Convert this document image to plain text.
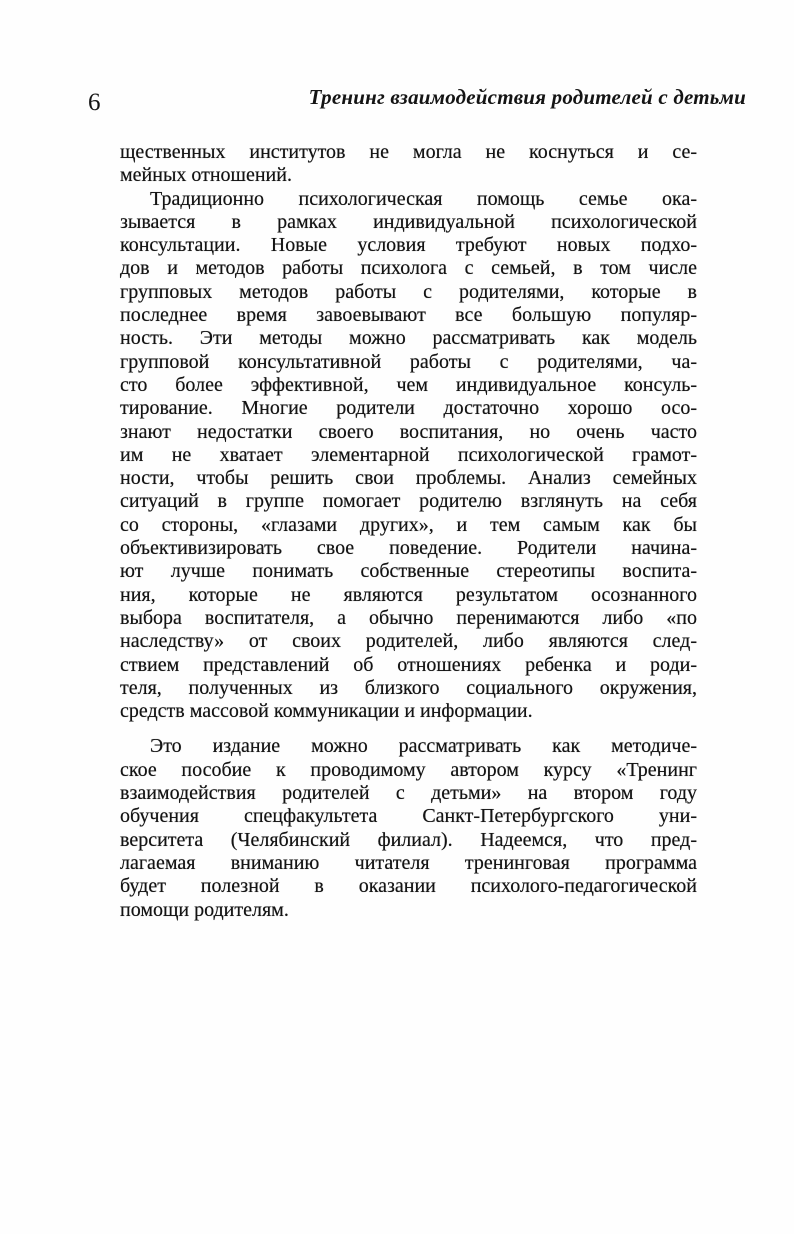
6	Тренинг взаимодействия родителей с детьми
щественных институтов не могла не коснуться и се-
мейных отношений.
Традиционно психологическая помощь семье ока-
зывается в рамках индивидуальной психологической
консультации. Новые условия требуют новых подхо-
дов и методов работы психолога с семьей, в том числе
групповых методов работы с родителями, которые в
последнее время завоевывают все большую популяр-
ность. Эти методы можно рассматривать как модель
групповой консультативной работы с родителями, ча-
сто более эффективной, чем индивидуальное консуль-
тирование. Многие родители достаточно хорошо осо-
знают недостатки своего воспитания, но очень часто
им не хватает элементарной психологической грамот-
ности, чтобы решить свои проблемы. Анализ семейных
ситуаций в группе помогает родителю взглянуть на себя
со стороны, «глазами других», и тем самым как бы
объективизировать свое поведение. Родители начина-
ют лучше понимать собственные стереотипы воспита-
ния, которые не являются результатом осознанного
выбора воспитателя, а обычно перенимаются либо «по
наследству» от своих родителей, либо являются след-
ствием представлений об отношениях ребенка и роди-
теля, полученных из близкого социального окружения,
средств массовой коммуникации и информации.
Это издание можно рассматривать как методиче-
ское пособие к проводимому автором курсу «Тренинг
взаимодействия родителей с детьми» на втором году
обучения спецфакультета Санкт-Петербургского уни-
верситета (Челябинский филиал). Надеемся, что пред-
лагаемая вниманию читателя тренинговая программа
будет полезной в оказании психолого-педагогической
помощи родителям.
